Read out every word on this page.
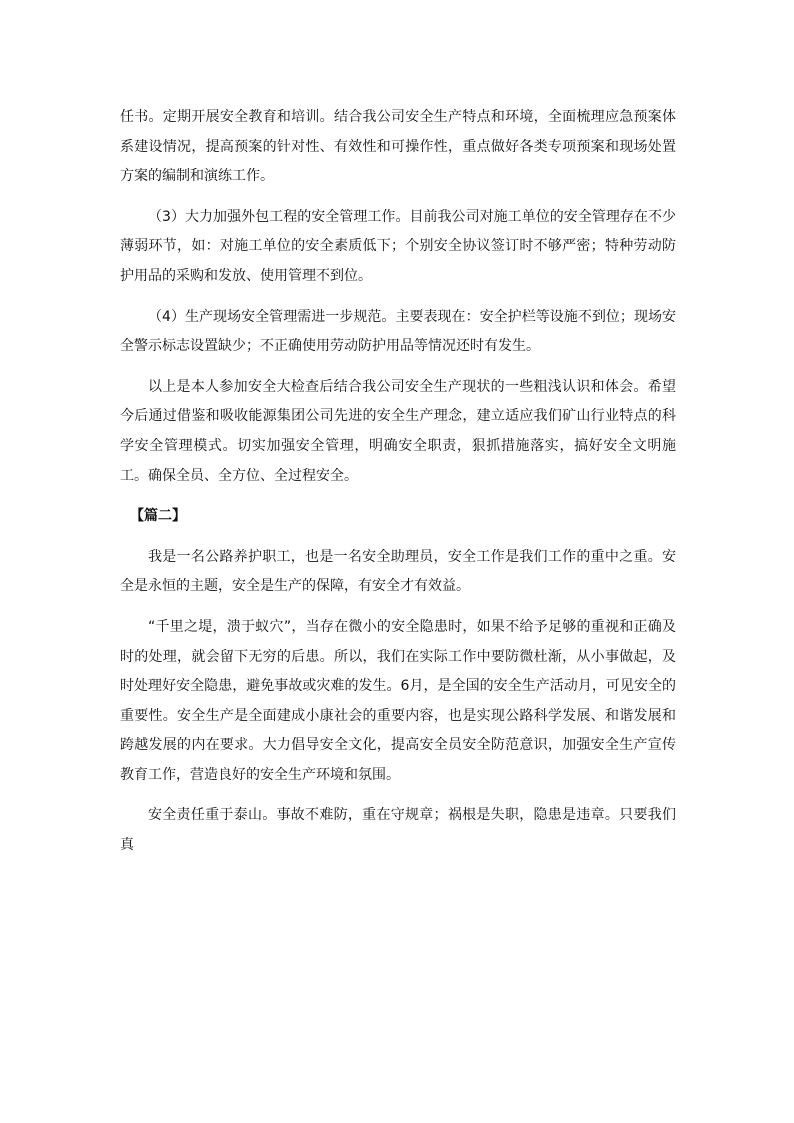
任书。定期开展安全教育和培训。结合我公司安全生产特点和环境，全面梳理应急预案体系建设情况，提高预案的针对性、有效性和可操作性，重点做好各类专项预案和现场处置方案的编制和演练工作。

（3）大力加强外包工程的安全管理工作。目前我公司对施工单位的安全管理存在不少薄弱环节，如：对施工单位的安全素质低下；个别安全协议签订时不够严密；特种劳动防护用品的采购和发放、使用管理不到位。

（4）生产现场安全管理需进一步规范。主要表现在：安全护栏等设施不到位；现场安全警示标志设置缺少；不正确使用劳动防护用品等情况还时有发生。

以上是本人参加安全大检查后结合我公司安全生产现状的一些粗浅认识和体会。希望今后通过借鉴和吸收能源集团公司先进的安全生产理念，建立适应我们矿山行业特点的科学安全管理模式。切实加强安全管理，明确安全职责，狠抓措施落实，搞好安全文明施工。确保全员、全方位、全过程安全。

【篇二】

我是一名公路养护职工，也是一名安全助理员，安全工作是我们工作的重中之重。安全是永恒的主题，安全是生产的保障，有安全才有效益。

“千里之堤，溃于蚁穴”，当存在微小的安全隐患时，如果不给予足够的重视和正确及时的处理，就会留下无穷的后患。所以，我们在实际工作中要防微杜渐，从小事做起，及时处理好安全隐患，避免事故或灾难的发生。6月，是全国的安全生产活动月，可见安全的重要性。安全生产是全面建成小康社会的重要内容，也是实现公路科学发展、和谐发展和跨越发展的内在要求。大力倡导安全文化，提高安全员安全防范意识，加强安全生产宣传教育工作，营造良好的安全生产环境和氛围。

安全责任重于泰山。事故不难防，重在守规章；祸根是失职，隐患是违章。只要我们真
